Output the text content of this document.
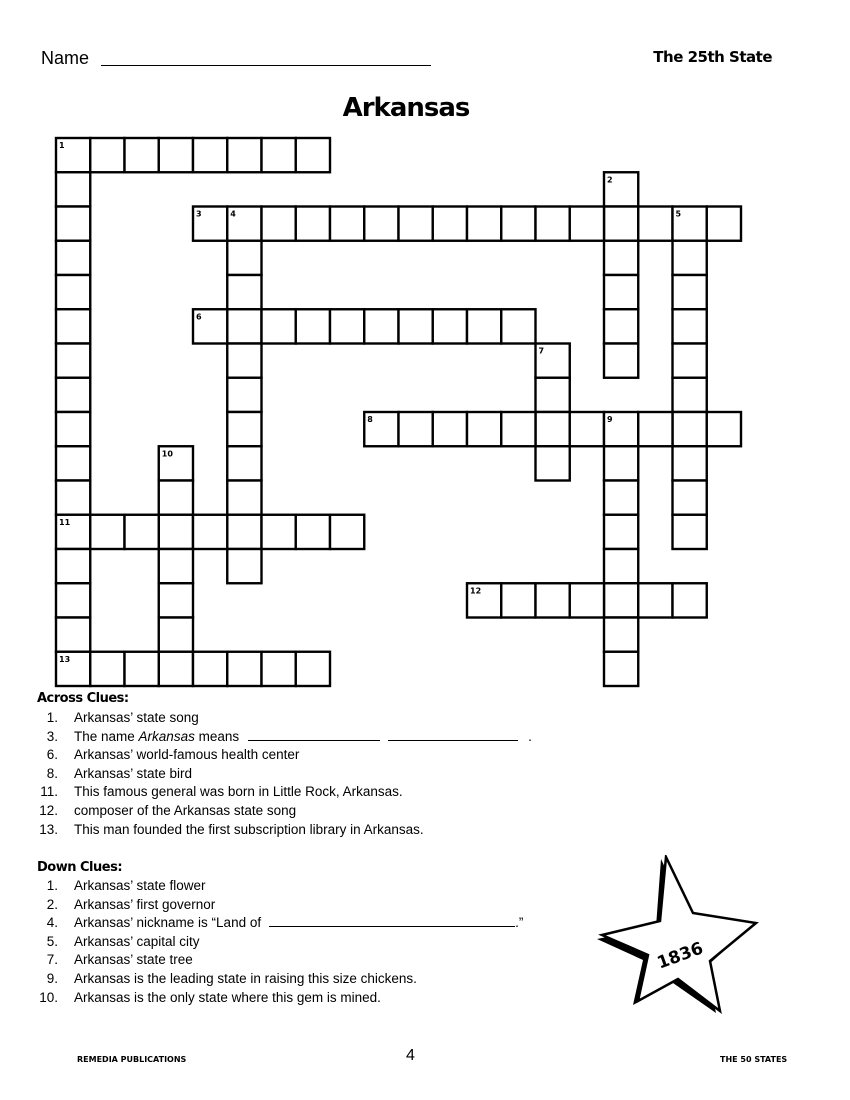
Name	The 25th State
Arkansas
1
11
13
2
3	4	5
6
7
8	9
10
12
Across Clues:
1. Arkansas’ state song
3. The name Arkansas means	.
6. Arkansas’ world-famous health center
8. Arkansas’ state bird
11. This famous general was born in Little Rock, Arkansas.
12. composer of the Arkansas state song
13. This man founded the first subscription library in Arkansas.
Down Clues:
1. Arkansas’ state flower
2. Arkansas’ first governor
4. Arkansas’ nickname is “Land of	.”
5. Arkansas’ capital city
7. Arkansas’ state tree
9. Arkansas is the leading state in raising this size chickens.
10. Arkansas is the only state where this gem is mined.
1836
REMEDIA PUBLICATIONS	4	THE 50 STATES
